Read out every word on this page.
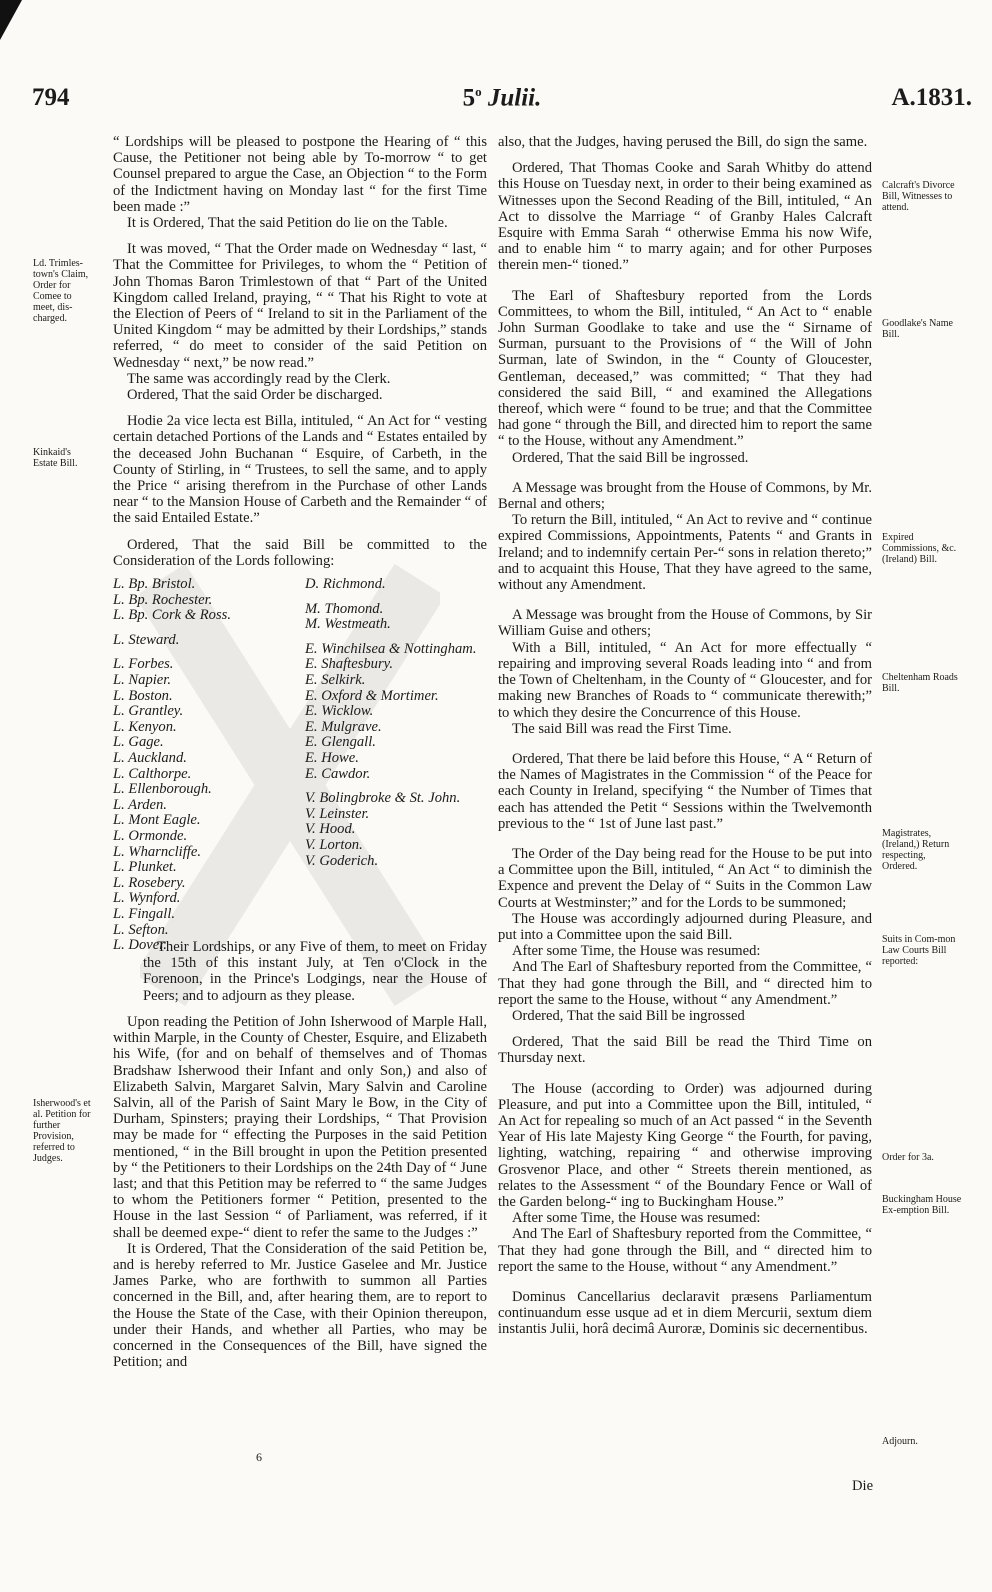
794	5$^o$ Julii.	A.1831.
Ld. Trimles-town's Claim, Order for Comee to meet, dis-charged.
Kinkaid's Estate Bill.
Isherwood's et al. Petition for further Provision, referred to Judges.
Calcraft's Divorce Bill, Witnesses to attend.
Goodlake's Name Bill.
Expired Commissions, &c. (Ireland) Bill.
Cheltenham Roads Bill.
Magistrates, (Ireland,) Return respecting, Ordered.
Suits in Com-mon Law Courts Bill reported:
Order for 3a.
Buckingham House Ex-emption Bill.
Adjourn.

“ Lordships will be pleased to postpone the Hearing of “ this Cause, the Petitioner not being able by To-morrow “ to get Counsel prepared to argue the Case, an Objection “ to the Form of the Indictment having on Monday last “ for the first Time been made :”

It is Ordered, That the said Petition do lie on the Table.

It was moved, “ That the Order made on Wednesday “ last, “ That the Committee for Privileges, to whom the “ Petition of John Thomas Baron Trimlestown of that “ Part of the United Kingdom called Ireland, praying, “ “ That his Right to vote at the Election of Peers of “ Ireland to sit in the Parliament of the United Kingdom “ may be admitted by their Lordships,” stands referred, “ do meet to consider of the said Petition on Wednesday “ next,” be now read.”

The same was accordingly read by the Clerk.

Ordered, That the said Order be discharged.

Hodie 2a vice lecta est Billa, intituled, “ An Act for “ vesting certain detached Portions of the Lands and “ Estates entailed by the deceased John Buchanan “ Esquire, of Carbeth, in the County of Stirling, in “ Trustees, to sell the same, and to apply the Price “ arising therefrom in the Purchase of other Lands near “ to the Mansion House of Carbeth and the Remainder “ of the said Entailed Estate.”

Ordered, That the said Bill be committed to the Consideration of the Lords following:

L. Bp. Bristol.
L. Bp. Rochester.
L. Bp. Cork & Ross.
L. Steward.
L. Forbes.
L. Napier.
L. Boston.
L. Grantley.
L. Kenyon.
L. Gage.
L. Auckland.
L. Calthorpe.
L. Ellenborough.
L. Arden.
L. Mont Eagle.
L. Ormonde.
L. Wharncliffe.
L. Plunket.
L. Rosebery.
L. Wynford.
L. Fingall.
L. Sefton.
L. Dover.
D. Richmond.
M. Thomond.
M. Westmeath.
E. Winchilsea & Nottingham.
E. Shaftesbury.
E. Selkirk.
E. Oxford & Mortimer.
E. Wicklow.
E. Mulgrave.
E. Glengall.
E. Howe.
E. Cawdor.
V. Bolingbroke & St. John.
V. Leinster.
V. Hood.
V. Lorton.
V. Goderich.

Their Lordships, or any Five of them, to meet on Friday the 15th of this instant July, at Ten o'Clock in the Forenoon, in the Prince's Lodgings, near the House of Peers; and to adjourn as they please.

Upon reading the Petition of John Isherwood of Marple Hall, within Marple, in the County of Chester, Esquire, and Elizabeth his Wife, (for and on behalf of themselves and of Thomas Bradshaw Isherwood their Infant and only Son,) and also of Elizabeth Salvin, Margaret Salvin, Mary Salvin and Caroline Salvin, all of the Parish of Saint Mary le Bow, in the City of Durham, Spinsters; praying their Lordships, “ That Provision may be made for “ effecting the Purposes in the said Petition mentioned, “ in the Bill brought in upon the Petition presented by “ the Petitioners to their Lordships on the 24th Day of “ June last; and that this Petition may be referred to “ the same Judges to whom the Petitioners former “ Petition, presented to the House in the last Session “ of Parliament, was referred, if it shall be deemed expe-“ dient to refer the same to the Judges :”

It is Ordered, That the Consideration of the said Petition be, and is hereby referred to Mr. Justice Gaselee and Mr. Justice James Parke, who are forthwith to summon all Parties concerned in the Bill, and, after hearing them, are to report to the House the State of the Case, with their Opinion thereupon, under their Hands, and whether all Parties, who may be concerned in the Consequences of the Bill, have signed the Petition; and

also, that the Judges, having perused the Bill, do sign the same.

Ordered, That Thomas Cooke and Sarah Whitby do attend this House on Tuesday next, in order to their being examined as Witnesses upon the Second Reading of the Bill, intituled, “ An Act to dissolve the Marriage “ of Granby Hales Calcraft Esquire with Emma Sarah “ otherwise Emma his now Wife, and to enable him “ to marry again; and for other Purposes therein men-“ tioned.”

The Earl of Shaftesbury reported from the Lords Committees, to whom the Bill, intituled, “ An Act to “ enable John Surman Goodlake to take and use the “ Sirname of Surman, pursuant to the Provisions of “ the Will of John Surman, late of Swindon, in the “ County of Gloucester, Gentleman, deceased,” was committed; “ That they had considered the said Bill, “ and examined the Allegations thereof, which were “ found to be true; and that the Committee had gone “ through the Bill, and directed him to report the same “ to the House, without any Amendment.”

Ordered, That the said Bill be ingrossed.

A Message was brought from the House of Commons, by Mr. Bernal and others;

To return the Bill, intituled, “ An Act to revive and “ continue expired Commissions, Appointments, Patents “ and Grants in Ireland; and to indemnify certain Per-“ sons in relation thereto;” and to acquaint this House, That they have agreed to the same, without any Amendment.

A Message was brought from the House of Commons, by Sir William Guise and others;

With a Bill, intituled, “ An Act for more effectually “ repairing and improving several Roads leading into “ and from the Town of Cheltenham, in the County of “ Gloucester, and for making new Branches of Roads to “ communicate therewith;” to which they desire the Concurrence of this House.

The said Bill was read the First Time.

Ordered, That there be laid before this House, “ A “ Return of the Names of Magistrates in the Commission “ of the Peace for each County in Ireland, specifying “ the Number of Times that each has attended the Petit “ Sessions within the Twelvemonth previous to the “ 1st of June last past.”

The Order of the Day being read for the House to be put into a Committee upon the Bill, intituled, “ An Act “ to diminish the Expence and prevent the Delay of “ Suits in the Common Law Courts at Westminster;” and for the Lords to be summoned;

The House was accordingly adjourned during Pleasure, and put into a Committee upon the said Bill.

After some Time, the House was resumed:

And The Earl of Shaftesbury reported from the Committee, “ That they had gone through the Bill, and “ directed him to report the same to the House, without “ any Amendment.”

Ordered, That the said Bill be ingrossed

Ordered, That the said Bill be read the Third Time on Thursday next.

The House (according to Order) was adjourned during Pleasure, and put into a Committee upon the Bill, intituled, “ An Act for repealing so much of an Act passed “ in the Seventh Year of His late Majesty King George “ the Fourth, for paving, lighting, watching, repairing “ and otherwise improving Grosvenor Place, and other “ Streets therein mentioned, as relates to the Assessment “ of the Boundary Fence or Wall of the Garden belong-“ ing to Buckingham House.”

After some Time, the House was resumed:

And The Earl of Shaftesbury reported from the Committee, “ That they had gone through the Bill, and “ directed him to report the same to the House, without “ any Amendment.”

Dominus Cancellarius declaravit præsens Parliamentum continuandum esse usque ad et in diem Mercurii, sextum diem instantis Julii, horâ decimâ Auroræ, Dominis sic decernentibus.

6
Die
